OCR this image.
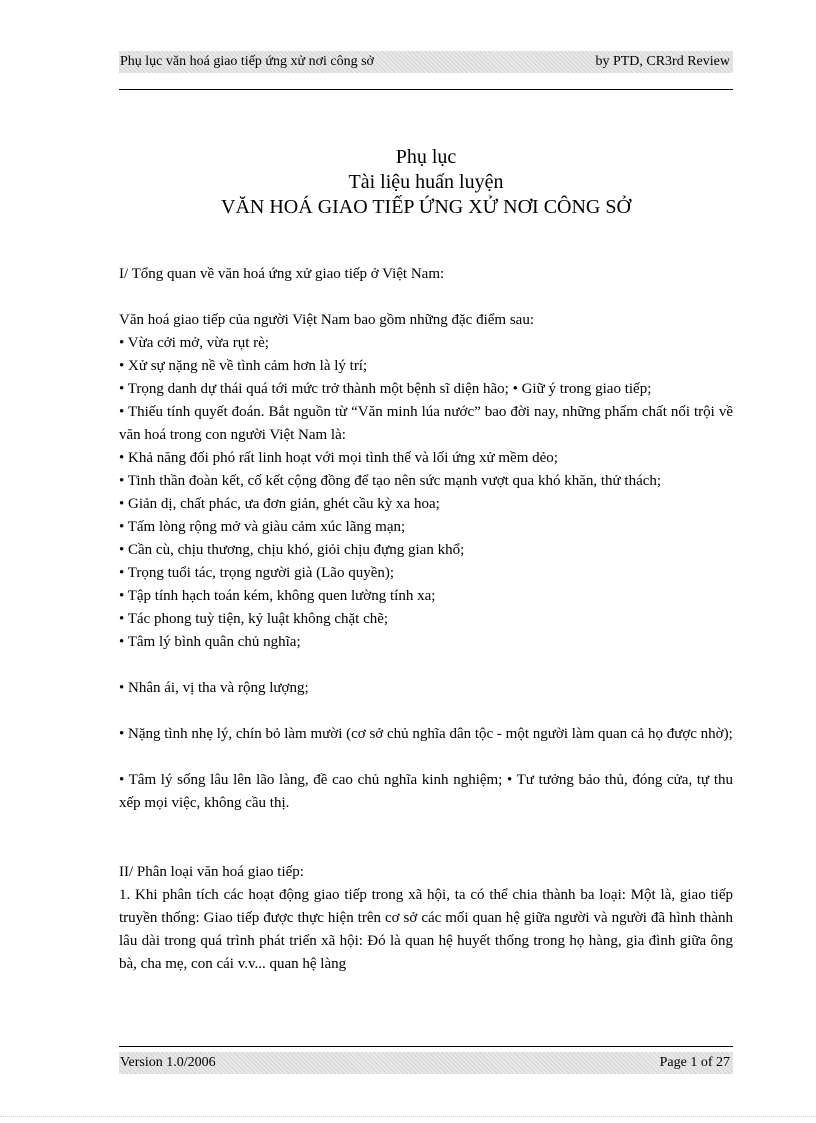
Phụ lục văn hoá giao tiếp ứng xử nơi công sở	by PTD, CR3rd Review
Phụ lục
Tài liệu huấn luyện
VĂN HOÁ GIAO TIẾP ỨNG XỬ NƠI CÔNG SỞ

I/ Tổng quan về văn hoá ứng xử giao tiếp ở Việt Nam:

Văn hoá giao tiếp của người Việt Nam bao gồm những đặc điểm sau:

• Vừa cởi mở, vừa rụt rè;

• Xử sự nặng nề về tình cảm hơn là lý trí;

• Trọng danh dự thái quá tới mức trở thành một bệnh sĩ diện hão; • Giữ ý trong giao tiếp;

• Thiếu tính quyết đoán. Bắt nguồn từ “Văn minh lúa nước” bao đời nay, những phẩm chất nổi trội về văn hoá trong con người Việt Nam là:

• Khả năng đối phó rất linh hoạt với mọi tình thế và lối ứng xử mềm dẻo;

• Tinh thần đoàn kết, cố kết cộng đồng để tạo nên sức mạnh vượt qua khó khăn, thử thách;

• Giản dị, chất phác, ưa đơn giản, ghét cầu kỳ xa hoa;

• Tấm lòng rộng mở và giàu cảm xúc lãng mạn;

• Cần cù, chịu thương, chịu khó, giỏi chịu đựng gian khổ;

• Trọng tuổi tác, trọng người già (Lão quyền);

• Tập tính hạch toán kém, không quen lường tính xa;

• Tác phong tuỳ tiện, kỷ luật không chặt chẽ;

• Tâm lý bình quân chủ nghĩa;

• Nhân ái, vị tha và rộng lượng;

• Nặng tình nhẹ lý, chín bỏ làm mười (cơ sở chủ nghĩa dân tộc - một người làm quan cả họ được nhờ);

• Tâm lý sống lâu lên lão làng, đề cao chủ nghĩa kinh nghiệm; • Tư tưởng bảo thủ, đóng cửa, tự thu xếp mọi việc, không cầu thị.

II/ Phân loại văn hoá giao tiếp:

1. Khi phân tích các hoạt động giao tiếp trong xã hội, ta có thể chia thành ba loại: Một là, giao tiếp truyền thống: Giao tiếp được thực hiện trên cơ sở các mối quan hệ giữa người và người đã hình thành lâu dài trong quá trình phát triển xã hội: Đó là quan hệ huyết thống trong họ hàng, gia đình giữa ông bà, cha mẹ, con cái v.v... quan hệ làng

Version 1.0/2006	Page 1 of 27
